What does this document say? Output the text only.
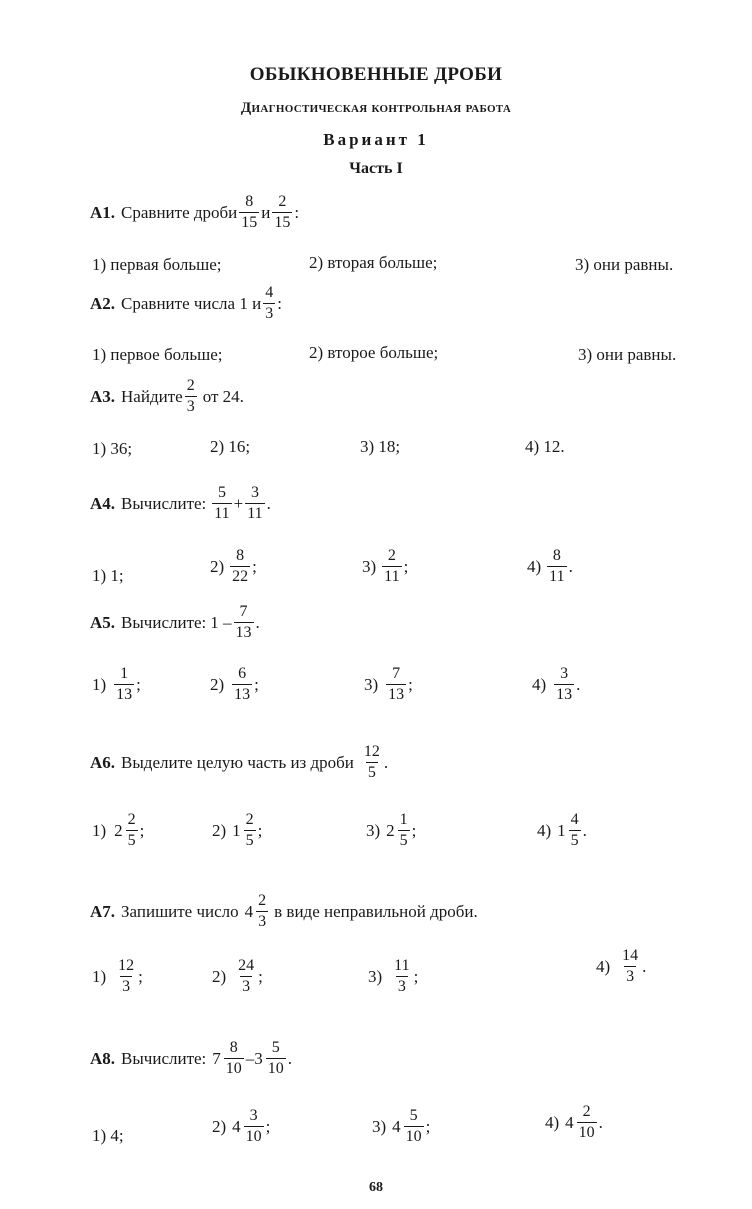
ОБЫКНОВЕННЫЕ ДРОБИ
Диагностическая контрольная работа
Вариант 1
Часть I
A1. Сравните дроби $\frac{8}{15}$ и $\frac{2}{15}$ :
1) первая больше;	2) вторая больше;	3) они равны.
A2. Сравните числа 1 и $\frac{4}{3}$ :
1) первое больше;	2) второе больше;	3) они равны.
A3. Найдите $\frac{2}{3}$ от 24.
1) 36;	2) 16;	3) 18;	4) 12.
A4. Вычислите: $\frac{5}{11} + \frac{3}{11}$ .
1) 1;	$2) \frac{8}{22}$ ;	$3) \frac{2}{11}$ ;	$4) \frac{8}{11}$ .
A5. Вычислите: $1 - \frac{7}{13}$ .
$1) \frac{1}{13}$ ;	$2) \frac{6}{13}$ ;	$3) \frac{7}{13}$ ;	$4) \frac{3}{13}$ .
A6. Выделите целую часть из дроби $\frac{12}{5}$ .
1) $2 \frac{2}{5}$ ;	2) $1 \frac{2}{5}$ ;	3) $2 \frac{1}{5}$ ;	4) $1 \frac{4}{5}$ .
A7. Запишите число $4 \frac{2}{3}$ в виде неправильной дроби.
$1) \frac{12}{3}$ ;	$2) \frac{24}{3}$ ;	$3) \frac{11}{3}$ ;
$4) \frac{14}{3}$ .
A8. Вычислите: $7 \frac{8}{10} - 3 \frac{5}{10}$ .
1) 4;	2) $4 \frac{3}{10}$ ;	3) $4 \frac{5}{10}$ ;	4) $4 \frac{2}{10}$ .
68
